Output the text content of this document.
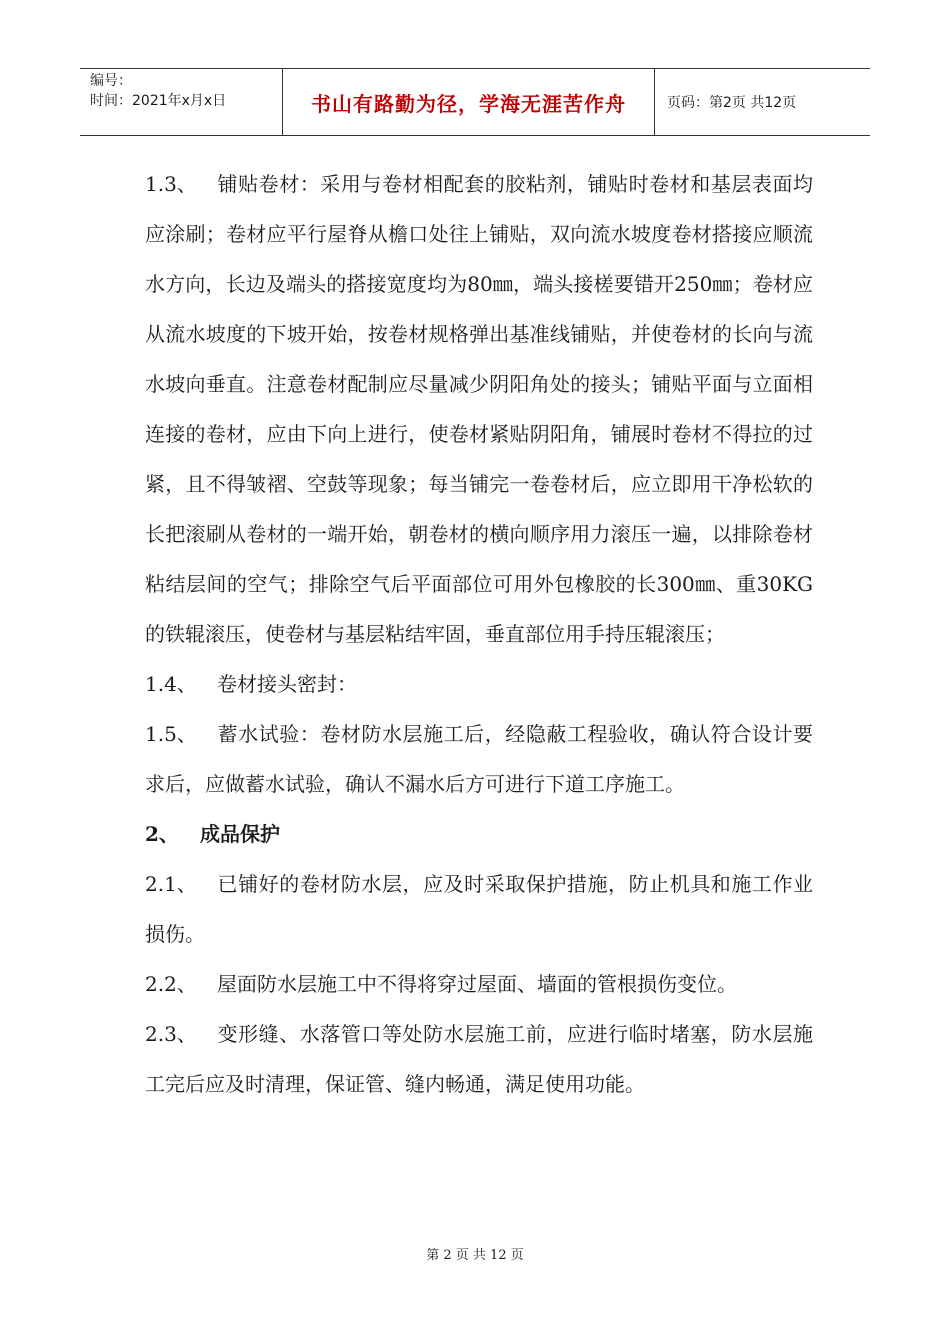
编号：
时间：2021年x月x日	书山有路勤为径，学海无涯苦作舟	页码：第2页 共12页

1.3、 铺贴卷材：采用与卷材相配套的胶粘剂，铺贴时卷材和基层表面均应涂刷；卷材应平行屋脊从檐口处往上铺贴，双向流水坡度卷材搭接应顺流水方向，长边及端头的搭接宽度均为80㎜，端头接槎要错开250㎜；卷材应从流水坡度的下坡开始，按卷材规格弹出基准线铺贴，并使卷材的长向与流水坡向垂直。注意卷材配制应尽量减少阴阳角处的接头；铺贴平面与立面相连接的卷材，应由下向上进行，使卷材紧贴阴阳角，铺展时卷材不得拉的过紧，且不得皱褶、空鼓等现象；每当铺完一卷卷材后，应立即用干净松软的长把滚刷从卷材的一端开始，朝卷材的横向顺序用力滚压一遍，以排除卷材粘结层间的空气；排除空气后平面部位可用外包橡胶的长300㎜、重30KG的铁辊滚压，使卷材与基层粘结牢固，垂直部位用手持压辊滚压；

1.4、 卷材接头密封：

1.5、 蓄水试验：卷材防水层施工后，经隐蔽工程验收，确认符合设计要求后，应做蓄水试验，确认不漏水后方可进行下道工序施工。

2、 成品保护

2.1、 已铺好的卷材防水层，应及时采取保护措施，防止机具和施工作业损伤。

2.2、 屋面防水层施工中不得将穿过屋面、墙面的管根损伤变位。

2.3、 变形缝、水落管口等处防水层施工前，应进行临时堵塞，防水层施工完后应及时清理，保证管、缝内畅通，满足使用功能。

第 2 页 共 12 页
